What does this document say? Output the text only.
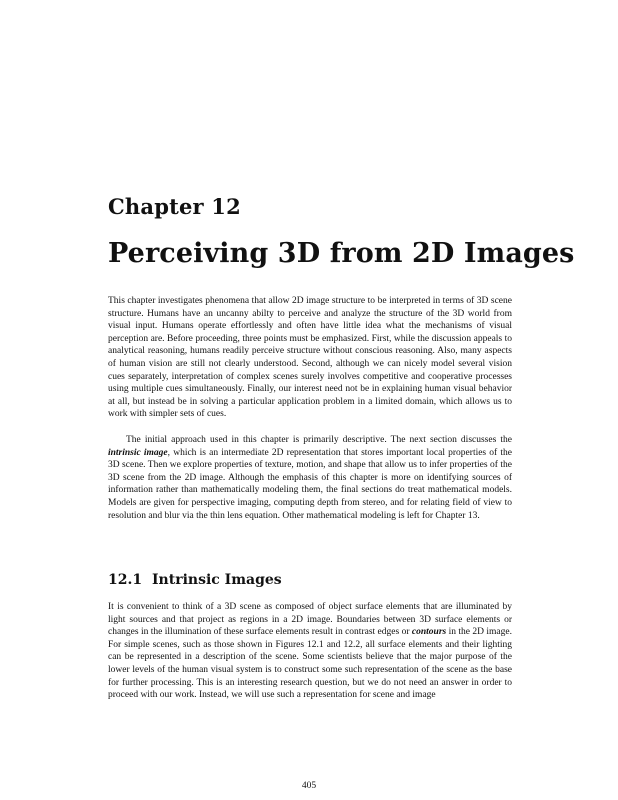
Chapter 12
Perceiving 3D from 2D Images

This chapter investigates phenomena that allow 2D image structure to be interpreted in terms of 3D scene structure. Humans have an uncanny abilty to perceive and analyze the structure of the 3D world from visual input. Humans operate effortlessly and often have little idea what the mechanisms of visual perception are. Before proceeding, three points must be emphasized. First, while the discussion appeals to analytical reasoning, humans readily perceive structure without conscious reasoning. Also, many aspects of human vision are still not clearly understood. Second, although we can nicely model several vision cues separately, interpretation of complex scenes surely involves competitive and cooperative processes using multiple cues simultaneously. Finally, our interest need not be in explaining human visual behavior at all, but instead be in solving a particular application problem in a limited domain, which allows us to work with simpler sets of cues.

The initial approach used in this chapter is primarily descriptive. The next section discusses the intrinsic image, which is an intermediate 2D representation that stores important local properties of the 3D scene. Then we explore properties of texture, motion, and shape that allow us to infer properties of the 3D scene from the 2D image. Although the emphasis of this chapter is more on identifying sources of information rather than mathematically modeling them, the final sections do treat mathematical models. Models are given for perspective imaging, computing depth from stereo, and for relating field of view to resolution and blur via the thin lens equation. Other mathematical modeling is left for Chapter 13.

12.1 Intrinsic Images

It is convenient to think of a 3D scene as composed of object surface elements that are illuminated by light sources and that project as regions in a 2D image. Boundaries between 3D surface elements or changes in the illumination of these surface elements result in contrast edges or contours in the 2D image. For simple scenes, such as those shown in Figures 12.1 and 12.2, all surface elements and their lighting can be represented in a description of the scene. Some scientists believe that the major purpose of the lower levels of the human visual system is to construct some such representation of the scene as the base for further processing. This is an interesting research question, but we do not need an answer in order to proceed with our work. Instead, we will use such a representation for scene and image

405
